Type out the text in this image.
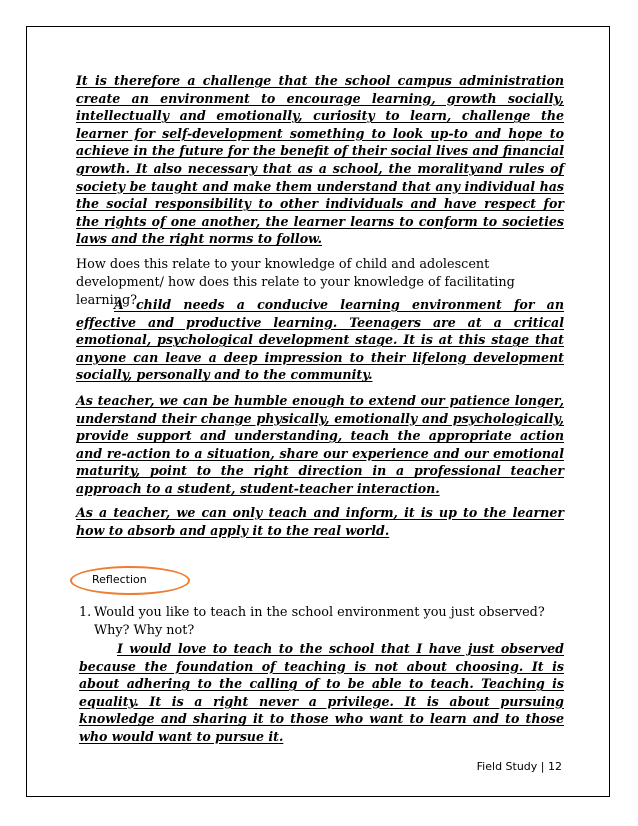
It is therefore a challenge that the school campus administration create an environment to encourage learning, growth socially, intellectually and emotionally, curiosity to learn, challenge the learner for self-development something to look up-to and hope to achieve in the future for the benefit of their social lives and financial growth. It also necessary that as a school, the moralityand rules of society be taught and make them understand that any individual has the social responsibility to other individuals and have respect for the rights of one another, the learner learns to conform to societies laws and the right norms to follow.

How does this relate to your knowledge of child and adolescent development/ how does this relate to your knowledge of facilitating learning?

A child needs a conducive learning environment for an effective and productive learning. Teenagers are at a critical emotional, psychological development stage. It is at this stage that anyone can leave a deep impression to their lifelong development socially, personally and to the community.

As teacher, we can be humble enough to extend our patience longer, understand their change physically, emotionally and psychologically, provide support and understanding, teach the appropriate action and re-action to a situation, share our experience and our emotional maturity, point to the right direction in a professional teacher approach to a student, student-teacher interaction.

As a teacher, we can only teach and inform, it is up to the learner how to absorb and apply it to the real world.

Reflection
1. Would you like to teach in the school environment you just observed? Why? Why not?

I would love to teach to the school that I have just observed because the foundation of teaching is not about choosing. It is about adhering to the calling of to be able to teach. Teaching is equality. It is a right never a privilege. It is about pursuing knowledge and sharing it to those who want to learn and to those who would want to pursue it.

Field Study | 12
